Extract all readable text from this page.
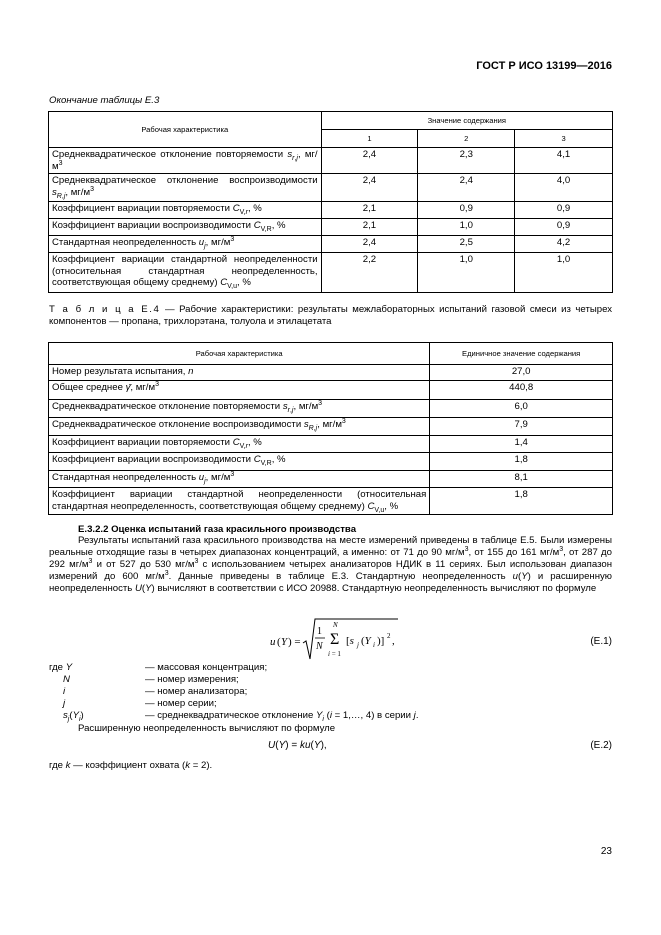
ГОСТ Р ИСО 13199—2016
Окончание таблицы Е.3
Рабочая характеристика	Значение содержания		
	1	2	3
Среднеквадратическое отклонение повторяемости $s_{r,j}$, $мг/м^3$	2,4	2,3	4,1
Среднеквадратическое отклонение воспроизводимости $s_{R,j}$, $мг/м^3$	2,4	2,4	4,0
Коэффициент вариации повторяемости $C_{V,r}$, %	2,1	0,9	0,9
Коэффициент вариации воспроизводимости $C_{V,R}$, %	2,1	1,0	0,9
Стандартная неопределенность $u_j$, $мг/м^3$	2,4	2,5	4,2
Коэффициент вариации стандартной неопределенности (относительная стандартная неопределенность, соответствующая общему среднему) $C_{V,u}$, %	2,2	1,0	1,0
Т а б л и ц а Е.4 — Рабочие характеристики: результаты межлабораторных испытаний газовой смеси из четырех компонентов — пропана, трихлорэтана, толуола и этилацетата
Рабочая характеристика	Единичное значение содержания
Номер результата испытания, n	27,0
Общее среднее γ̄, $мг/м^3$	440,8
Среднеквадратическое отклонение повторяемости $s_{r,j}$, $мг/м^3$	6,0
Среднеквадратическое отклонение воспроизводимости $s_{R,j}$, $мг/м^3$	7,9
Коэффициент вариации повторяемости $C_{V,r}$, %	1,4
Коэффициент вариации воспроизводимости $C_{V,R}$, %	1,8
Стандартная неопределенность $u_j$, $мг/м^3$	8,1
Коэффициент вариации стандартной неопределенности (относительная стандартная неопределенность, соответствующая общему среднему) $C_{V,u}$, %	1,8
Е.3.2.2 Оценка испытаний газа красильного производства
Результаты испытаний газа красильного производства на месте измерений приведены в таблице Е.5. Были измерены реальные отходящие газы в четырех диапазонах концентраций, а именно: от 71 до 90 $мг/м^3$, от 155 до 161 $мг/м^3$, от 287 до 292 $мг/м^3$ и от 527 до 530 $мг/м^3$ с использованием четырех анализаторов НДИК в 11 сериях. Был использован диапазон измерений до 600 $мг/м^3$. Данные приведены в таблице Е.3. Стандартную неопределенность u(Y) и расширенную неопределенность U(Y) вычисляют в соответствии с ИСО 20988. Стандартную неопределенность вычисляют по формуле
u ( Y ) =
1
N
N
Σ
i = 1
[s j (Y i )] 2 ,	(Е.1)
где Y	— массовая концентрация;
N	— номер измерения;
i	— номер анализатора;
j	— номер серии;
$s_j(Y_i)$	— среднеквадратическое отклонение $Y_i$ (i = 1,…, 4) в серии j.
Расширенную неопределенность вычисляют по формуле
U(Y) = ku(Y),	(Е.2)
где k — коэффициент охвата (k = 2).
23
